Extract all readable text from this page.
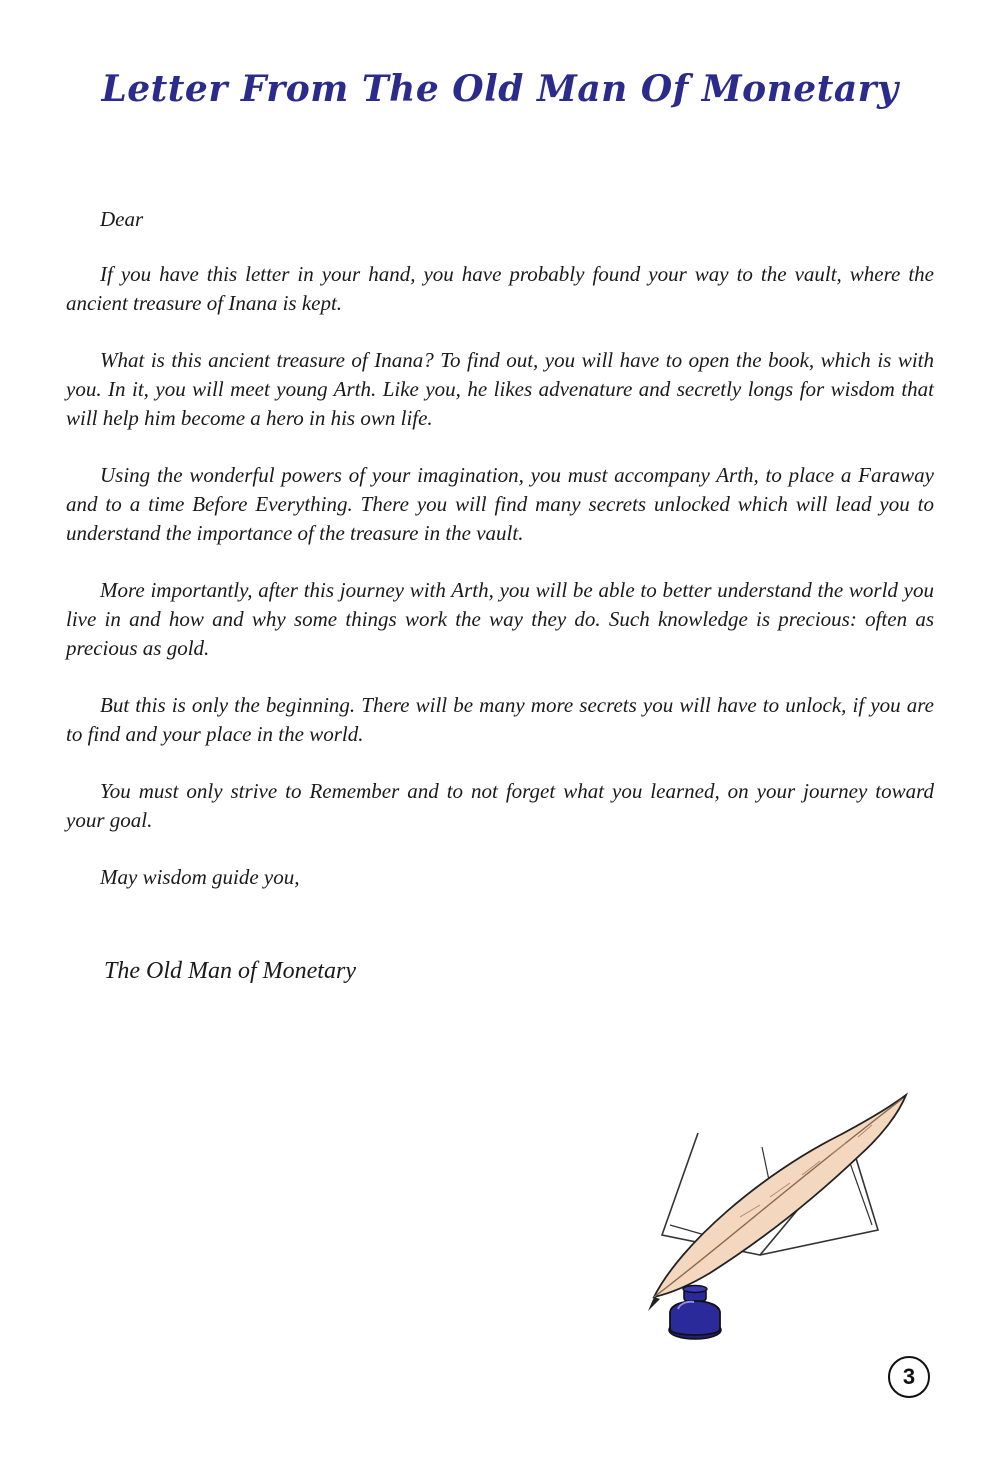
Letter From The Old Man Of Monetary

Dear

If you have this letter in your hand, you have probably found your way to the vault, where the ancient treasure of Inana is kept.

What is this ancient treasure of Inana? To find out, you will have to open the book, which is with you. In it, you will meet young Arth. Like you, he likes advenature and secretly longs for wisdom that will help him become a hero in his own life.

Using the wonderful powers of your imagination, you must accompany Arth, to place a Faraway and to a time Before Everything. There you will find many secrets unlocked which will lead you to understand the importance of the treasure in the vault.

More importantly, after this journey with Arth, you will be able to better understand the world you live in and how and why some things work the way they do. Such knowledge is precious: often as precious as gold.

But this is only the beginning. There will be many more secrets you will have to unlock, if you are to find and your place in the world.

You must only strive to Remember and to not forget what you learned, on your journey toward your goal.

May wisdom guide you,

The Old Man of Monetary
3
